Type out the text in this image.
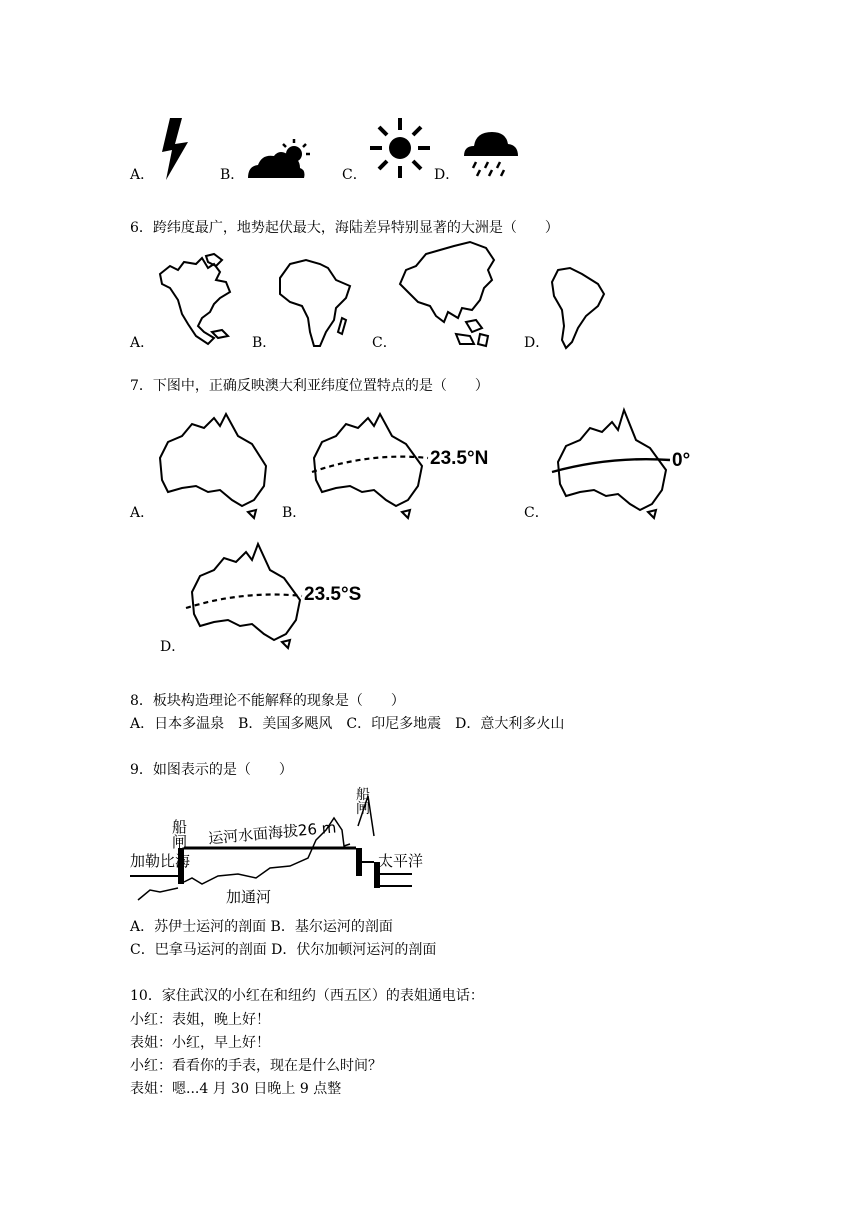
A．	B．	C．	D．
6．跨纬度最广，地势起伏最大，海陆差异特别显著的大洲是（　　）
A．	B．	C．	D．
7．下图中，正确反映澳大利亚纬度位置特点的是（　　）
A．	B．
23.5°N
C．
0°
D．
23.5°S
8．板块构造理论不能解释的现象是（　　）
A．日本多温泉　B．美国多飓风　C．印尼多地震　D．意大利多火山
9．如图表示的是（　　）
船闸 运河水面海拔26 m
船闸
加勒比海	太平洋
加通河
A．苏伊士运河的剖面 B．基尔运河的剖面
C．巴拿马运河的剖面 D．伏尔加顿河运河的剖面
10．家住武汉的小红在和纽约（西五区）的表姐通电话：
小红：表姐，晚上好！
表姐：小红，早上好！
小红：看看你的手表，现在是什么时间？
表姐：嗯...4 月 30 日晚上 9 点整
